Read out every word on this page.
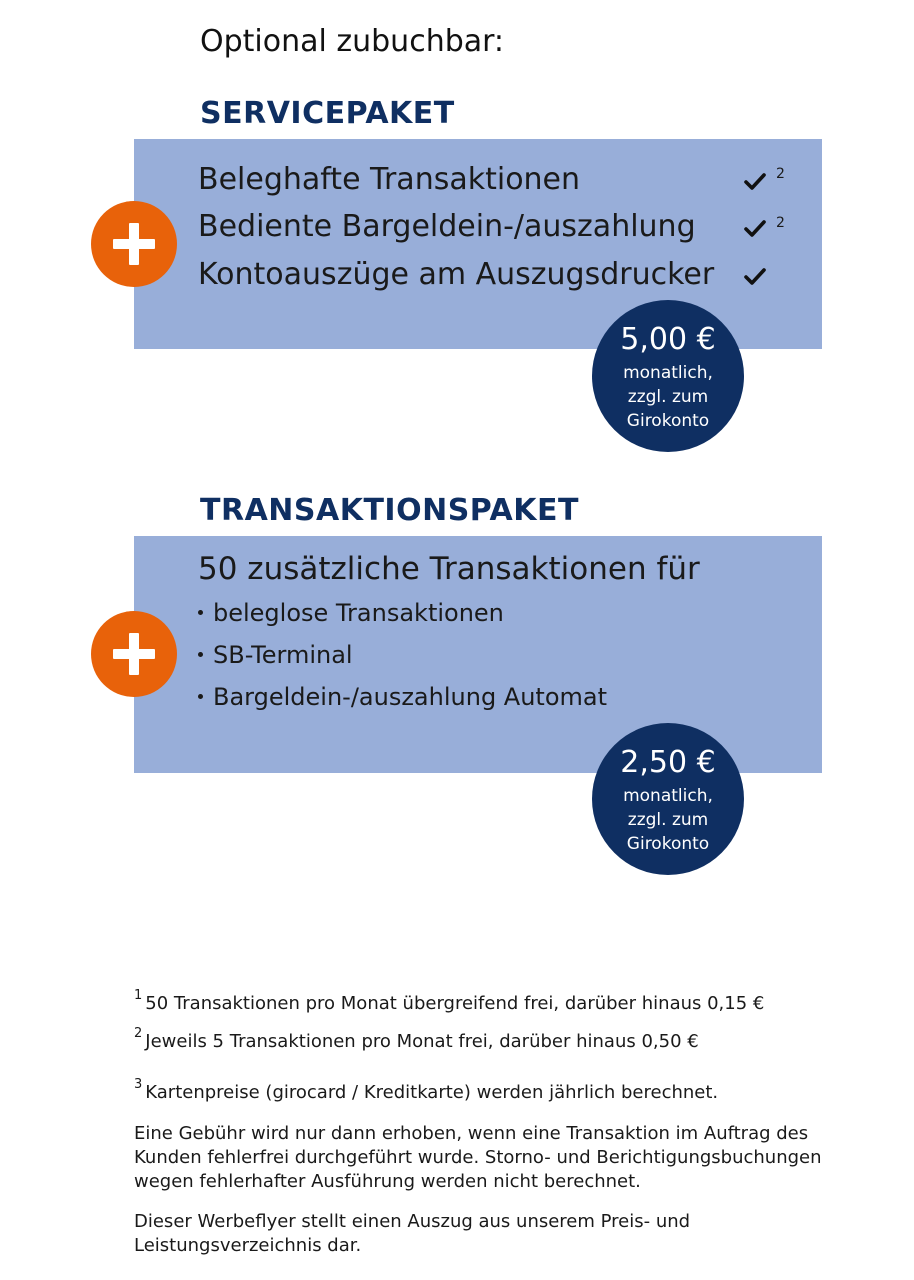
Optional zubuchbar:
SERVICEPAKET
Beleghafte Transaktionen	2
Bediente Bargeldein-/auszahlung	2
Kontoauszüge am Auszugsdrucker
5,00 €
monatlich,
zzgl. zum
Girokonto
TRANSAKTIONSPAKET
50 zusätzliche Transaktionen für
beleglose Transaktionen
SB-Terminal
Bargeldein-/auszahlung Automat
2,50 €
monatlich,
zzgl. zum
Girokonto
$^1$ 50 Transaktionen pro Monat übergreifend frei, darüber hinaus 0,15 €
$^2$ Jeweils 5 Transaktionen pro Monat frei, darüber hinaus 0,50 €
$^3$ Kartenpreise (girocard / Kreditkarte) werden jährlich berechnet.
Eine Gebühr wird nur dann erhoben, wenn eine Transaktion im Auftrag des Kunden fehlerfrei durchgeführt wurde. Storno- und Berichtigungsbuchungen wegen fehlerhafter Ausführung werden nicht berechnet.
Dieser Werbeflyer stellt einen Auszug aus unserem Preis- und Leistungsverzeichnis dar.
